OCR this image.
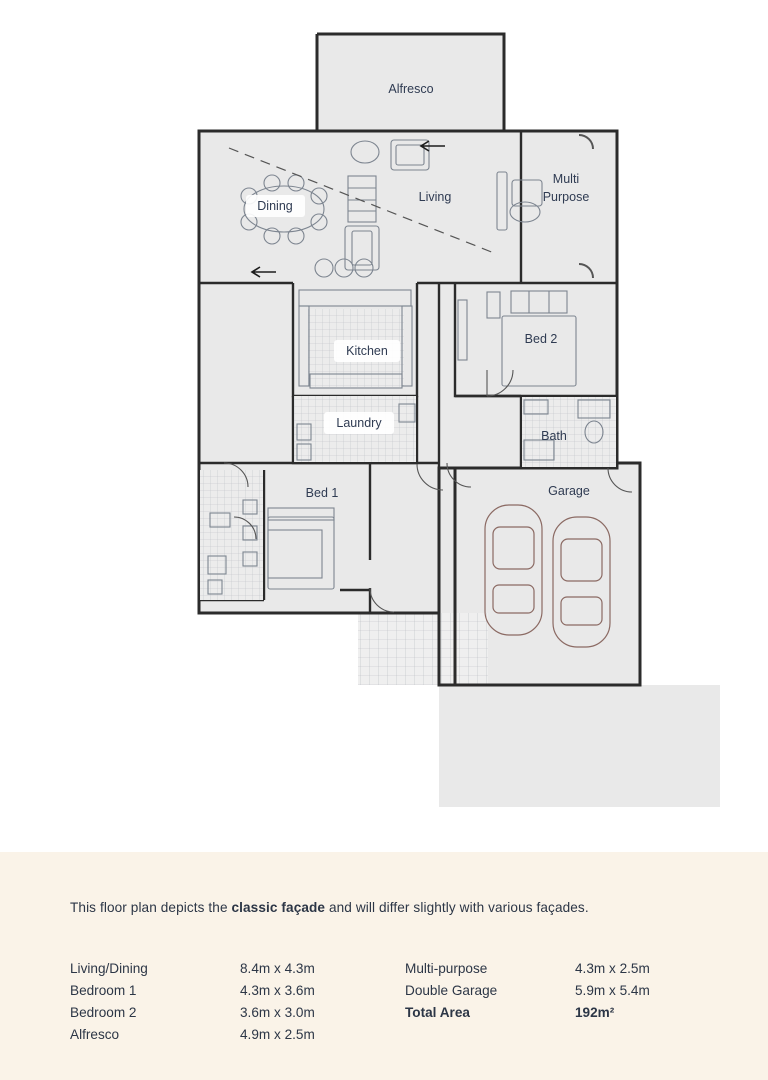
Alfresco
Dining
Living
Multi
Purpose
Kitchen
Bed 2
Laundry
Bath
Bed 1	Garage
This floor plan depicts the classic façade and will differ slightly with various façades.
Living/Dining	8.4m x 4.3m	Multi-purpose	4.3m x 2.5m
Bedroom 1	4.3m x 3.6m	Double Garage	5.9m x 5.4m
Bedroom 2	3.6m x 3.0m	Total Area	192m²
Alfresco	4.9m x 2.5m		
